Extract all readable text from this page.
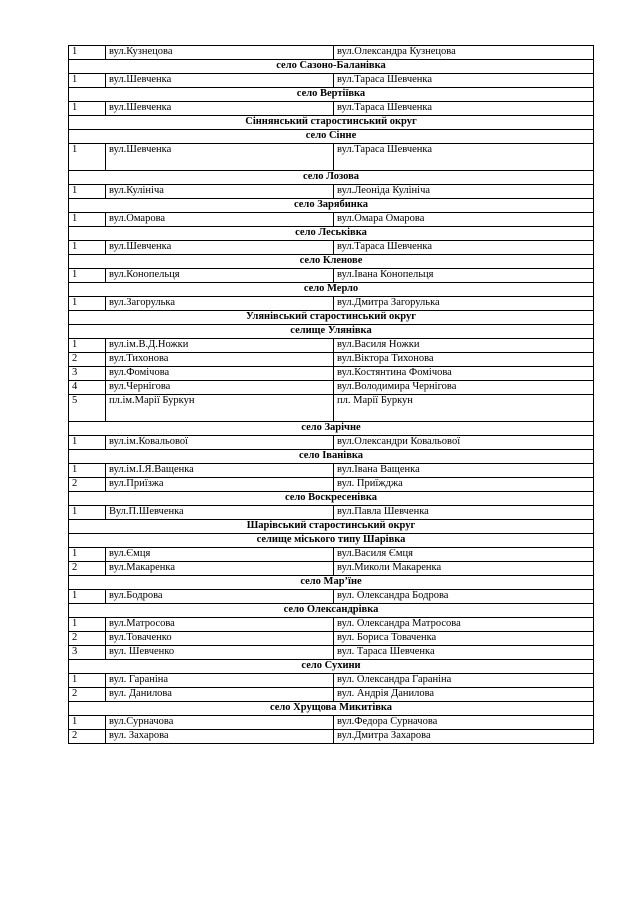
1	вул.Кузнецова	вул.Олександра Кузнецова
село Сазоно-Баланівка		
1	вул.Шевченка	вул.Тараса Шевченка
село Вертіївка		
1	вул.Шевченка	вул.Тараса Шевченка
Сіннянський старостинський округ		
село Сінне		
1	вул.Шевченка	вул.Тараса Шевченка
село Лозова		
1	вул.Кулініча	вул.Леоніда Кулініча
село Зарябинка		
1	вул.Омарова	вул.Омара Омарова
село Леськівка		
1	вул.Шевченка	вул.Тараса Шевченка
село Кленове		
1	вул.Конопельця	вул.Івана Конопельця
село Мерло		
1	вул.Загорулька	вул.Дмитра Загорулька
Улянівський старостинський округ		
селище Улянівка		
1	вул.ім.В.Д.Ножки	вул.Василя Ножки
2	вул.Тихонова	вул.Віктора Тихонова
3	вул.Фомічова	вул.Костянтина Фомічова
4	вул.Чернігова	вул.Володимира Чернігова
5	пл.ім.Марії Буркун	пл. Марії Буркун
село Зарічне		
1	вул.ім.Ковальової	вул.Олександри Ковальової
село Іванівка		
1	вул.ім.І.Я.Ващенка	вул.Івана Ващенка
2	вул.Приїзжа	вул. Приїжджа
село Воскресенівка		
1	Вул.П.Шевченка	вул.Павла Шевченка
Шарівський старостинський округ		
селище міського типу Шарівка		
1	вул.Ємця	вул.Василя Ємця
2	вул.Макаренка	вул.Миколи Макаренка
село Мар’їне		
1	вул.Бодрова	вул. Олександра Бодрова
село Олександрівка		
1	вул.Матросова	вул. Олександра Матросова
2	вул.Товаченко	вул. Бориса Товаченка
3	вул. Шевченко	вул. Тараса Шевченка
село Сухини		
1	вул. Гараніна	вул. Олександра Гараніна
2	вул. Данилова	вул. Андрія Данилова
село Хрущова Микитівка		
1	вул.Сурначова	вул.Федора Сурначова
2	вул. Захарова	вул.Дмитра Захарова
